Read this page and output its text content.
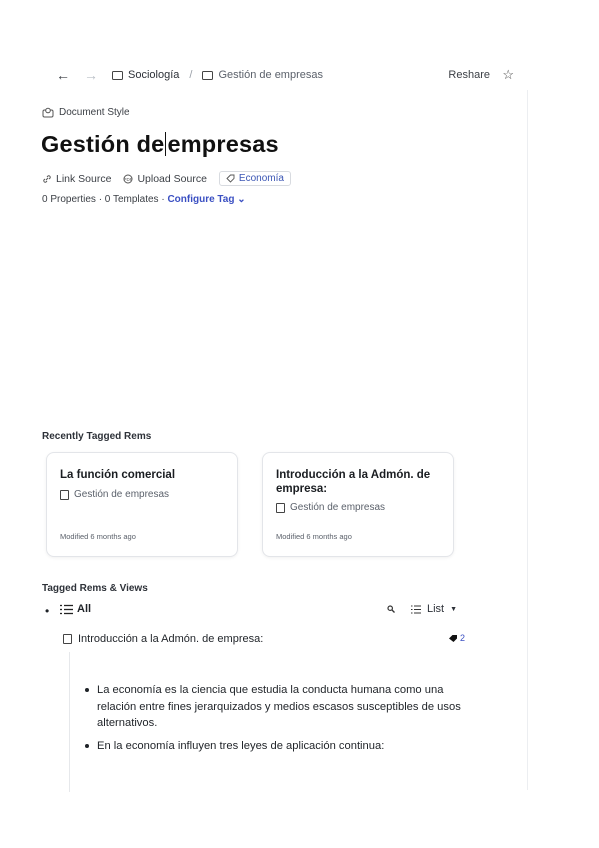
← →	Sociología / Gestión de empresas	Reshare ☆
Document Style
Gestión de empresas
Link Source	PDF Upload Source	Economía
0 Properties · 0 Templates · Configure Tag ⌄
Recently Tagged Rems
La función comercial
Gestión de empresas
Modified 6 months ago
Introducción a la Admón. de empresa:
Gestión de empresas
Modified 6 months ago
Tagged Rems & Views
•	All	List ▼
Introducción a la Admón. de empresa:	2
La economía es la ciencia que estudia la conducta humana como una relación entre fines jerarquizados y medios escasos susceptibles de usos alternativos.
En la economía influyen tres leyes de aplicación continua:
